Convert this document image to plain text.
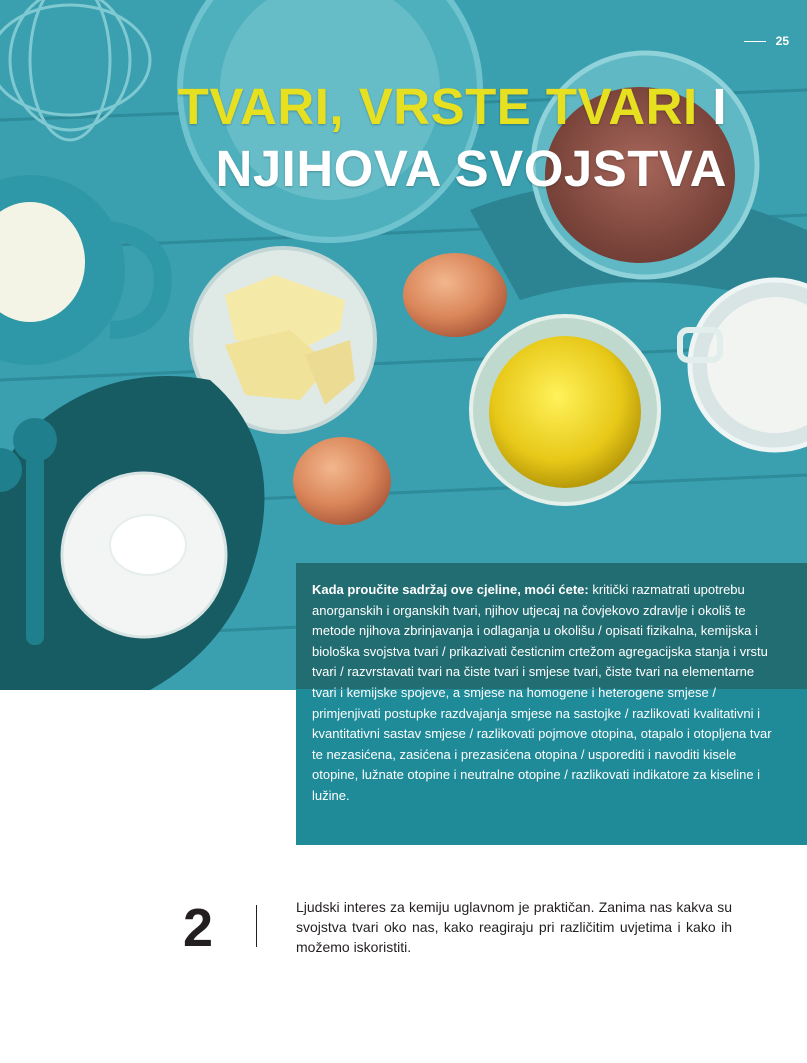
25
TVARI, VRSTE TVARI I
NJIHOVA SVOJSTVA
Kada proučite sadržaj ove cjeline, moći ćete: kritički razmatrati upotrebu anorganskih i organskih tvari, njihov utjecaj na čovjekovo zdravlje i okoliš te metode njihova zbrinjavanja i odlaganja u okolišu / opisati fizikalna, kemijska i biološka svojstva tvari / prikazivati česticnim crtežom agregacijska stanja i vrstu tvari / razvrstavati tvari na čiste tvari i smjese tvari, čiste tvari na elementarne tvari i kemijske spojeve, a smjese na homogene i heterogene smjese / primjenjivati postupke razdvajanja smjese na sastojke / razlikovati kvalitativni i kvantitativni sastav smjese / razlikovati pojmove otopina, otapalo i otopljena tvar te nezasićena, zasićena i prezasićena otopina / usporediti i navoditi kisele otopine, lužnate otopine i neutralne otopine / razlikovati indikatore za kiseline i lužine.
2	Ljudski interes za kemiju uglavnom je praktičan. Zanima nas kakva su svojstva tvari oko nas, kako reagiraju pri različitim uvjetima i kako ih možemo iskoristiti.
